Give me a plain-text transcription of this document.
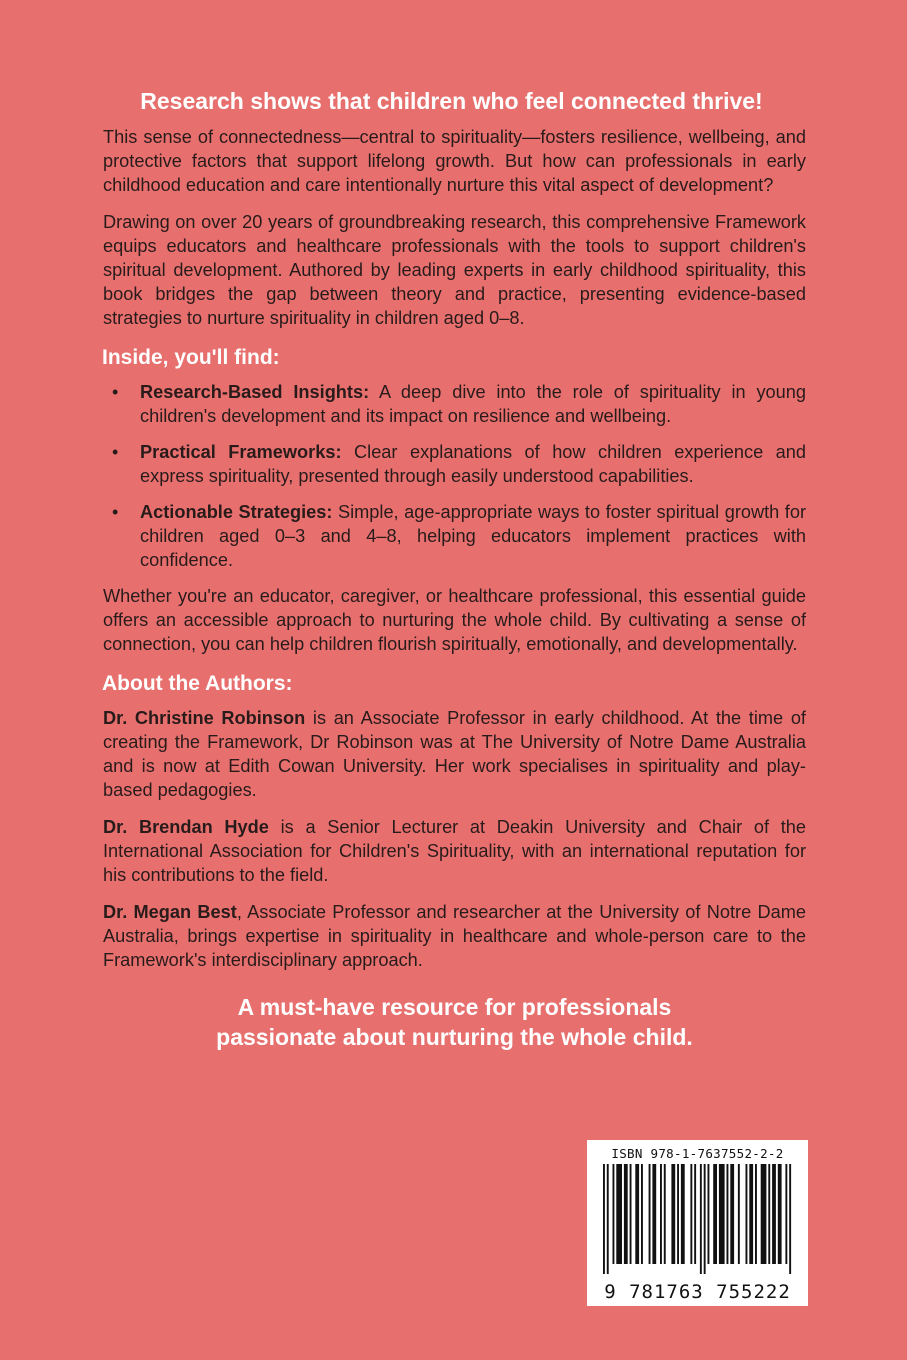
Research shows that children who feel connected thrive!

This sense of connectedness—central to spirituality—fosters resilience, wellbeing, and protective factors that support lifelong growth. But how can professionals in early childhood education and care intentionally nurture this vital aspect of development?

Drawing on over 20 years of groundbreaking research, this comprehensive Framework equips educators and healthcare professionals with the tools to support children's spiritual development. Authored by leading experts in early childhood spirituality, this book bridges the gap between theory and practice, presenting evidence-based strategies to nurture spirituality in children aged 0–8.

Inside, you'll find:
• Research-Based Insights: A deep dive into the role of spirituality in young children's development and its impact on resilience and wellbeing.
• Practical Frameworks: Clear explanations of how children experience and express spirituality, presented through easily understood capabilities.
• Actionable Strategies: Simple, age-appropriate ways to foster spiritual growth for children aged 0–3 and 4–8, helping educators implement practices with confidence.

Whether you're an educator, caregiver, or healthcare professional, this essential guide offers an accessible approach to nurturing the whole child. By cultivating a sense of connection, you can help children flourish spiritually, emotionally, and developmentally.

About the Authors:

Dr. Christine Robinson is an Associate Professor in early childhood. At the time of creating the Framework, Dr Robinson was at The University of Notre Dame Australia and is now at Edith Cowan University. Her work specialises in spirituality and play-based pedagogies.

Dr. Brendan Hyde is a Senior Lecturer at Deakin University and Chair of the International Association for Children's Spirituality, with an international reputation for his contributions to the field.

Dr. Megan Best, Associate Professor and researcher at the University of Notre Dame Australia, brings expertise in spirituality in healthcare and whole-person care to the Framework's interdisciplinary approach.

A must-have resource for professionals
passionate about nurturing the whole child.
ISBN 978-1-7637552-2-2
9 781763 755222
